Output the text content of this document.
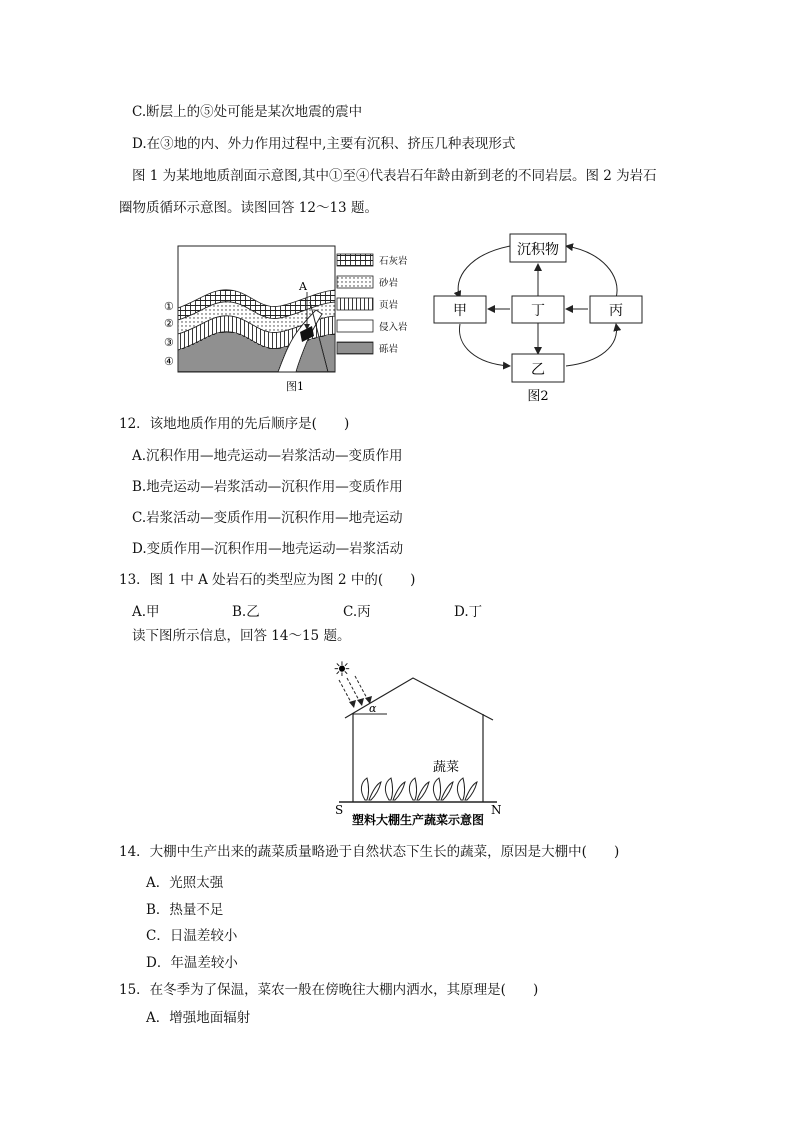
C.断层上的⑤处可能是某次地震的震中
D.在③地的内、外力作用过程中,主要有沉积、挤压几种表现形式
图 1 为某地地质剖面示意图,其中①至④代表岩石年龄由新到老的不同岩层。图 2 为岩石
圈物质循环示意图。读图回答 12～13 题。
A
①
②
③
④
石灰岩
砂岩
页岩
侵入岩
砾岩
图1
沉积物
甲	丁	丙
乙
图2
12．该地地质作用的先后顺序是(　　)
A.沉积作用—地壳运动—岩浆活动—变质作用
B.地壳运动—岩浆活动—沉积作用—变质作用
C.岩浆活动—变质作用—沉积作用—地壳运动
D.变质作用—沉积作用—地壳运动—岩浆活动
13．图 1 中 A 处岩石的类型应为图 2 中的(　　)
A.甲	B.乙	C.丙	D.丁
读下图所示信息，回答 14～15 题。
☀
α
蔬菜
S	N
塑料大棚生产蔬菜示意图
14．大棚中生产出来的蔬菜质量略逊于自然状态下生长的蔬菜，原因是大棚中(　　)
A．光照太强
B．热量不足
C．日温差较小
D．年温差较小
15．在冬季为了保温，菜农一般在傍晚往大棚内洒水，其原理是(　　)
A．增强地面辐射
